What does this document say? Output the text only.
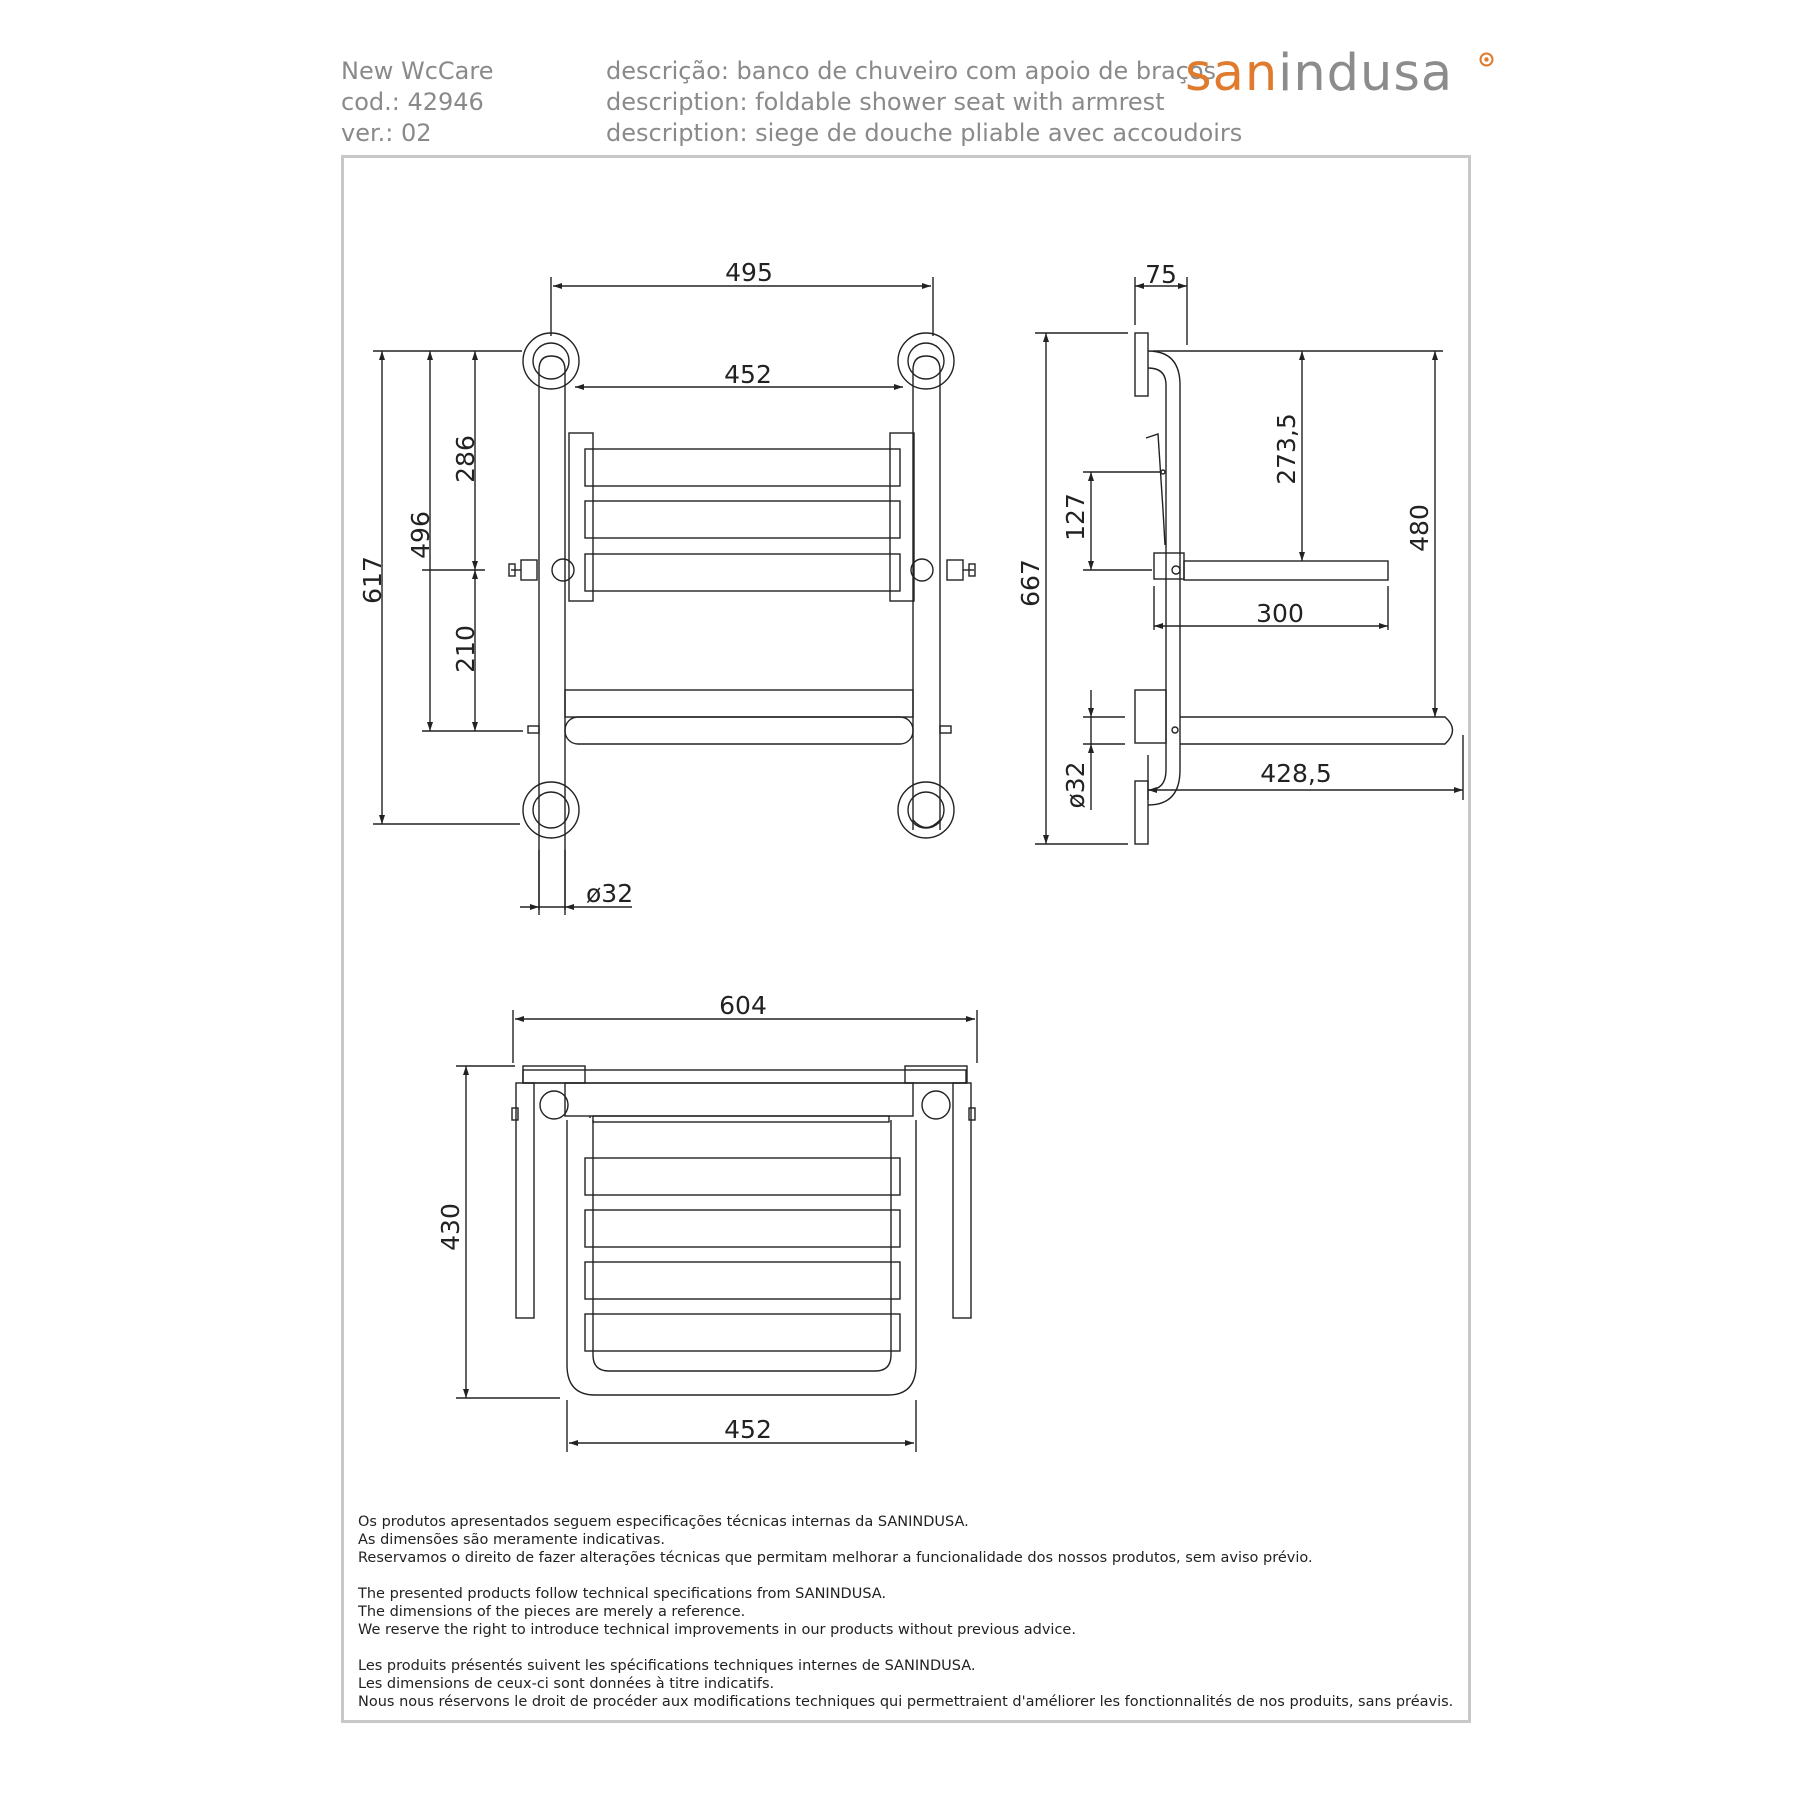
New WcCare
cod.: 42946
ver.: 02
descrição: banco de chuveiro com apoio de braços
description: foldable shower seat with armrest
description: siege de douche pliable avec accoudoirs
sanindusa
495
452
617
496
286
210
ø32
75
667
273,5
127	480
300
ø32	428,5
604
430
452

Os produtos apresentados seguem especificações técnicas internas da SANINDUSA.

As dimensões são meramente indicativas.

Reservamos o direito de fazer alterações técnicas que permitam melhorar a funcionalidade dos nossos produtos, sem aviso prévio.

The presented products follow technical specifications from SANINDUSA.

The dimensions of the pieces are merely a reference.

We reserve the right to introduce technical improvements in our products without previous advice.

Les produits présentés suivent les spécifications techniques internes de SANINDUSA.

Les dimensions de ceux-ci sont données à titre indicatifs.

Nous nous réservons le droit de procéder aux modifications techniques qui permettraient d'améliorer les fonctionnalités de nos produits, sans préavis.
